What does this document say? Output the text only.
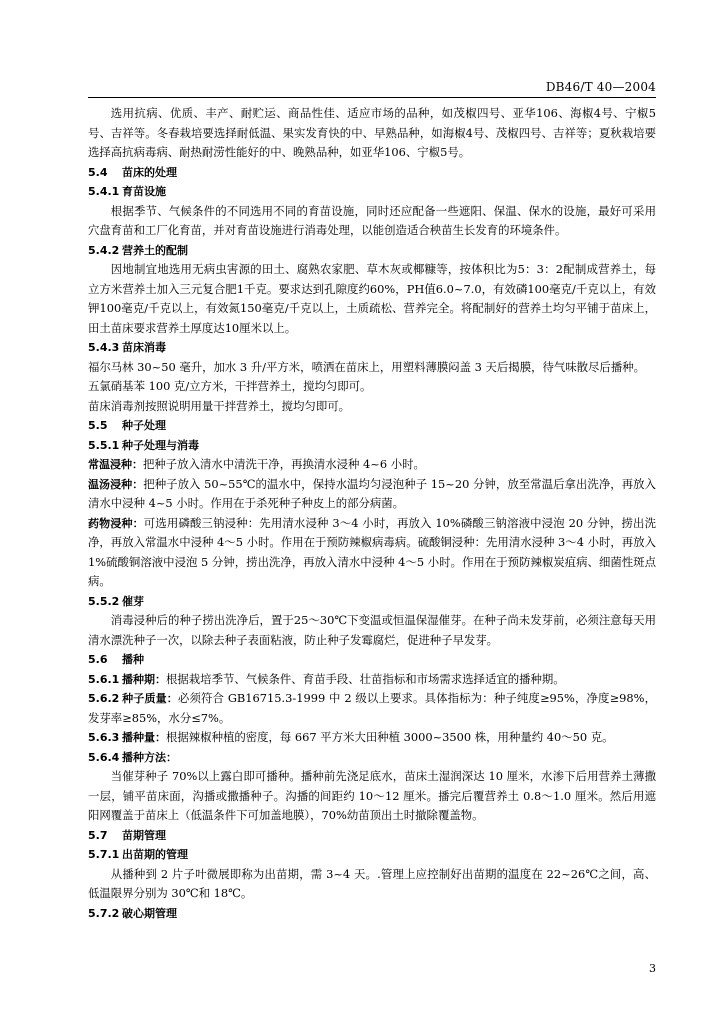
DB46/T 40—2004

选用抗病、优质、丰产、耐贮运、商品性佳、适应市场的品种，如茂椒四号、亚华106、海椒4号、宁椒5号、吉祥等。冬春栽培要选择耐低温、果实发育快的中、早熟品种，如海椒4号、茂椒四号、吉祥等；夏秋栽培要选择高抗病毒病、耐热耐涝性能好的中、晚熟品种，如亚华106、宁椒5号。

5.4 苗床的处理

5.4.1 育苗设施

根据季节、气候条件的不同选用不同的育苗设施，同时还应配备一些遮阳、保温、保水的设施，最好可采用穴盘育苗和工厂化育苗，并对育苗设施进行消毒处理，以能创造适合秧苗生长发育的环境条件。

5.4.2 营养土的配制

因地制宜地选用无病虫害源的田土、腐熟农家肥、草木灰或椰糠等，按体积比为5：3：2配制成营养土，每立方米营养土加入三元复合肥1千克。要求达到孔隙度约60%，PH值6.0~7.0，有效磷100毫克/千克以上，有效钾100毫克/千克以上，有效氮150毫克/千克以上，土质疏松、营养完全。将配制好的营养土均匀平铺于苗床上，田土苗床要求营养土厚度达10厘米以上。

5.4.3 苗床消毒

福尔马林 30~50 毫升，加水 3 升/平方米，喷洒在苗床上，用塑料薄膜闷盖 3 天后揭膜，待气味散尽后播种。

五氯硝基苯 100 克/立方米，干拌营养土，搅均匀即可。

苗床消毒剂按照说明用量干拌营养土，搅均匀即可。

5.5 种子处理

5.5.1 种子处理与消毒

常温浸种：把种子放入清水中清洗干净，再换清水浸种 4~6 小时。

温汤浸种：把种子放入 50~55℃的温水中，保持水温均匀浸泡种子 15~20 分钟，放至常温后拿出洗净，再放入清水中浸种 4~5 小时。作用在于杀死种子种皮上的部分病菌。

药物浸种：可选用磷酸三钠浸种：先用清水浸种 3～4 小时，再放入 10%磷酸三钠溶液中浸泡 20 分钟，捞出洗净，再放入常温水中浸种 4～5 小时。作用在于预防辣椒病毒病。硫酸铜浸种：先用清水浸种 3～4 小时，再放入 1%硫酸铜溶液中浸泡 5 分钟，捞出洗净，再放入清水中浸种 4～5 小时。作用在于预防辣椒炭疽病、细菌性斑点病。

5.5.2 催芽

消毒浸种后的种子捞出洗净后，置于25～30℃下变温或恒温保湿催芽。在种子尚未发芽前，必须注意每天用清水漂洗种子一次，以除去种子表面粘液，防止种子发霉腐烂，促进种子早发芽。

5.6 播种

5.6.1 播种期：根据栽培季节、气候条件、育苗手段、壮苗指标和市场需求选择适宜的播种期。

5.6.2 种子质量：必须符合 GB16715.3-1999 中 2 级以上要求。具体指标为：种子纯度≥95%，净度≥98%，发芽率≥85%，水分≤7%。

5.6.3 播种量：根据辣椒种植的密度，每 667 平方米大田种植 3000~3500 株，用种量约 40～50 克。

5.6.4 播种方法：

当催芽种子 70%以上露白即可播种。播种前先浇足底水，苗床土湿润深达 10 厘米，水渗下后用营养土薄撒一层，铺平苗床面，沟播或撒播种子。沟播的间距约 10～12 厘米。播完后覆营养土 0.8～1.0 厘米。然后用遮阳网覆盖于苗床上（低温条件下可加盖地膜），70%幼苗顶出土时撤除覆盖物。

5.7 苗期管理

5.7.1 出苗期的管理

从播种到 2 片子叶微展即称为出苗期，需 3~4 天。.管理上应控制好出苗期的温度在 22~26℃之间，高、低温限界分别为 30℃和 18℃。

5.7.2 破心期管理

3
